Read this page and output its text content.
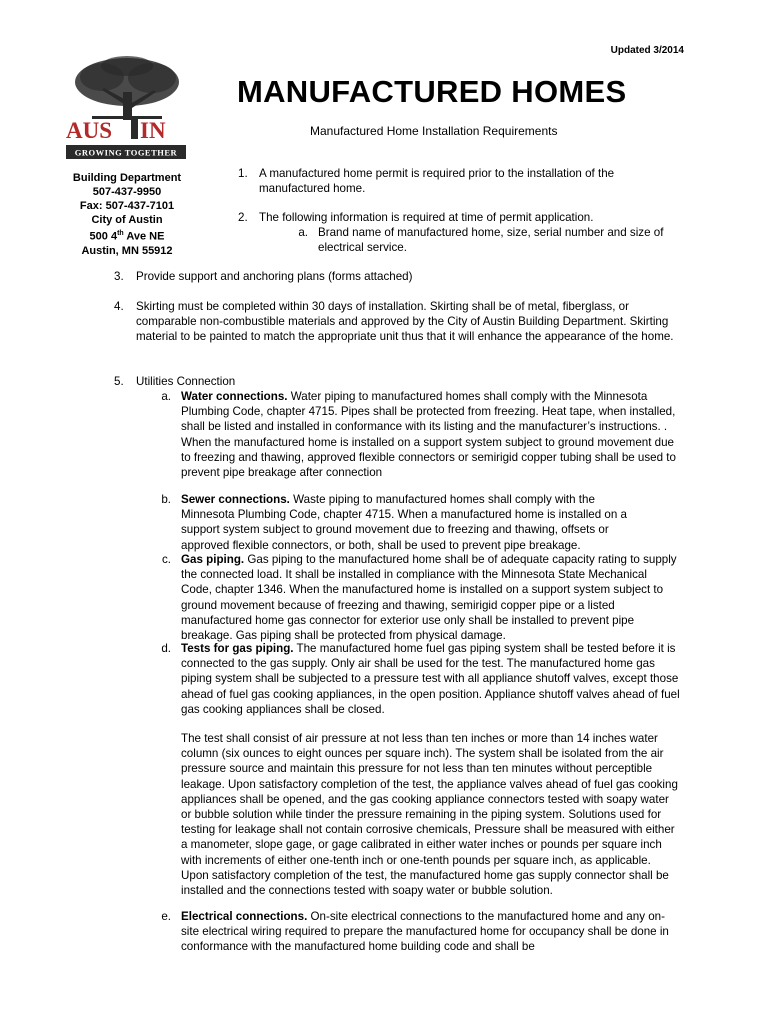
Updated 3/2014
AUS IN
GROWING TOGETHER
MANUFACTURED HOMES
Manufactured Home Installation Requirements
Building Department
507-437-9950
Fax: 507-437-7101
City of Austin
500 4th Ave NE
Austin, MN 55912
1. A manufactured home permit is required prior to the installation of the manufactured home.

2. The following information is required at time of permit application.

a. Brand name of manufactured home, size, serial number and size of electrical service.

3. Provide support and anchoring plans (forms attached)

4. Skirting must be completed within 30 days of installation. Skirting shall be of metal, fiberglass, or comparable non-combustible materials and approved by the City of Austin Building Department. Skirting material to be painted to match the appropriate unit thus that it will enhance the appearance of the home.

5. Utilities Connection

a. Water connections. Water piping to manufactured homes shall comply with the Minnesota Plumbing Code, chapter 4715. Pipes shall be protected from freezing. Heat tape, when installed, shall be listed and installed in conformance with its listing and the manufacturer’s instructions. . When the manufactured home is installed on a support system subject to ground movement due to freezing and thawing, approved flexible connectors or semirigid copper tubing shall be used to prevent pipe breakage after connection

b. Sewer connections. Waste piping to manufactured homes shall comply with the Minnesota Plumbing Code, chapter 4715. When a manufactured home is installed on a support system subject to ground movement due to freezing and thawing, offsets or approved flexible connectors, or both, shall be used to prevent pipe breakage.

c. Gas piping. Gas piping to the manufactured home shall be of adequate capacity rating to supply the connected load. It shall be installed in compliance with the Minnesota State Mechanical Code, chapter 1346. When the manufactured home is installed on a support system subject to ground movement because of freezing and thawing, semirigid copper pipe or a listed manufactured home gas connector for exterior use only shall be installed to prevent pipe breakage. Gas piping shall be protected from physical damage.

d. Tests for gas piping. The manufactured home fuel gas piping system shall be tested before it is connected to the gas supply. Only air shall be used for the test. The manufactured home gas piping system shall be subjected to a pressure test with all appliance shutoff valves, except those ahead of fuel gas cooking appliances, in the open position. Appliance shutoff valves ahead of fuel gas cooking appliances shall be closed.

The test shall consist of air pressure at not less than ten inches or more than 14 inches water column (six ounces to eight ounces per square inch). The system shall be isolated from the air pressure source and maintain this pressure for not less than ten minutes without perceptible leakage. Upon satisfactory completion of the test, the appliance valves ahead of fuel gas cooking appliances shall be opened, and the gas cooking appliance connectors tested with soapy water or bubble solution while tinder the pressure remaining in the piping system. Solutions used for testing for leakage shall not contain corrosive chemicals, Pressure shall be measured with either a manometer, slope gage, or gage calibrated in either water inches or pounds per square inch with increments of either one-tenth inch or one-tenth pounds per square inch, as applicable. Upon satisfactory completion of the test, the manufactured home gas supply connector shall be installed and the connections tested with soapy water or bubble solution.

e. Electrical connections. On-site electrical connections to the manufactured home and any on-site electrical wiring required to prepare the manufactured home for occupancy shall be done in conformance with the manufactured home building code and shall be
